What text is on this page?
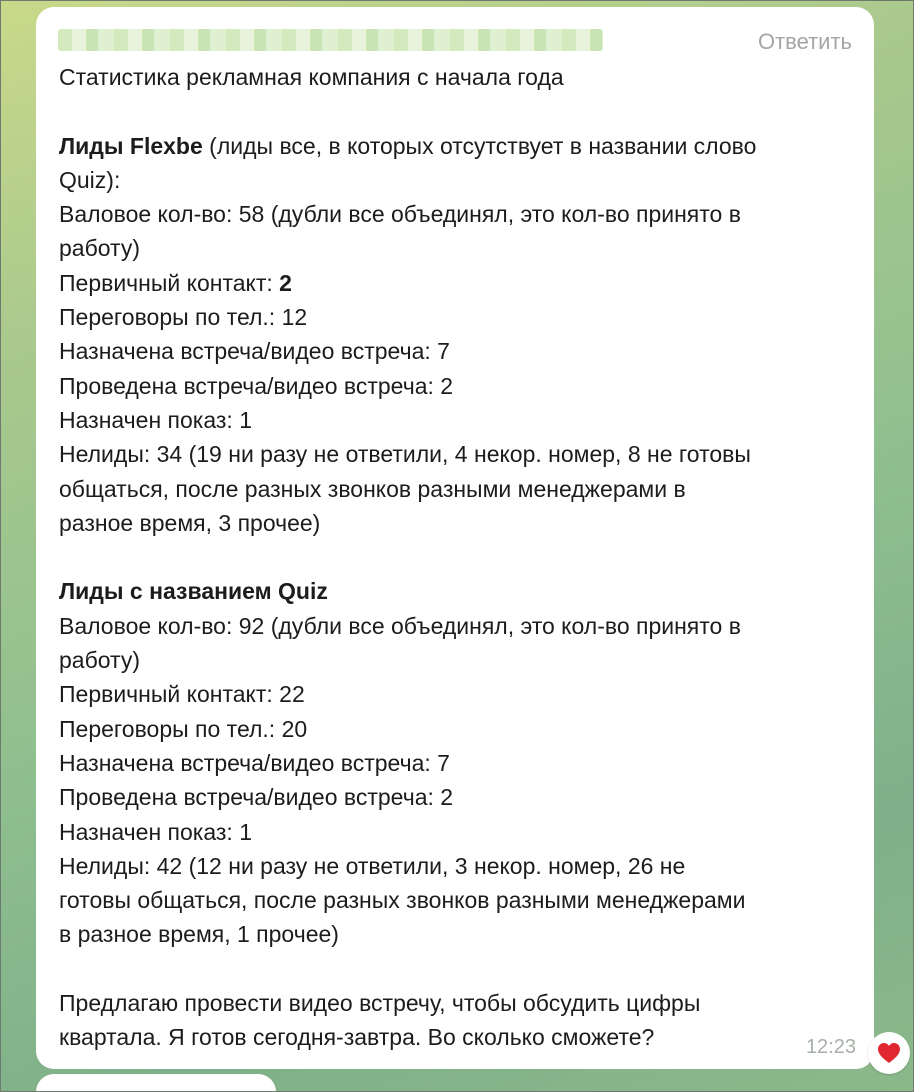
Ответить
Статистика рекламная компания с начала года
Лиды Flexbe (лиды все, в которых отсутствует в названии слово
Quiz):
Валовое кол-во: 58 (дубли все объединял, это кол-во принято в
работу)
Первичный контакт: 2
Переговоры по тел.: 12
Назначена встреча/видео встреча: 7
Проведена встреча/видео встреча: 2
Назначен показ: 1
Нелиды: 34 (19 ни разу не ответили, 4 некор. номер, 8 не готовы
общаться, после разных звонков разными менеджерами в
разное время, 3 прочее)
Лиды с названием Quiz
Валовое кол-во: 92 (дубли все объединял, это кол-во принято в
работу)
Первичный контакт: 22
Переговоры по тел.: 20
Назначена встреча/видео встреча: 7
Проведена встреча/видео встреча: 2
Назначен показ: 1
Нелиды: 42 (12 ни разу не ответили, 3 некор. номер, 26 не
готовы общаться, после разных звонков разными менеджерами
в разное время, 1 прочее)
Предлагаю провести видео встречу, чтобы обсудить цифры
квартала. Я готов сегодня-завтра. Во сколько сможете?	12:23
